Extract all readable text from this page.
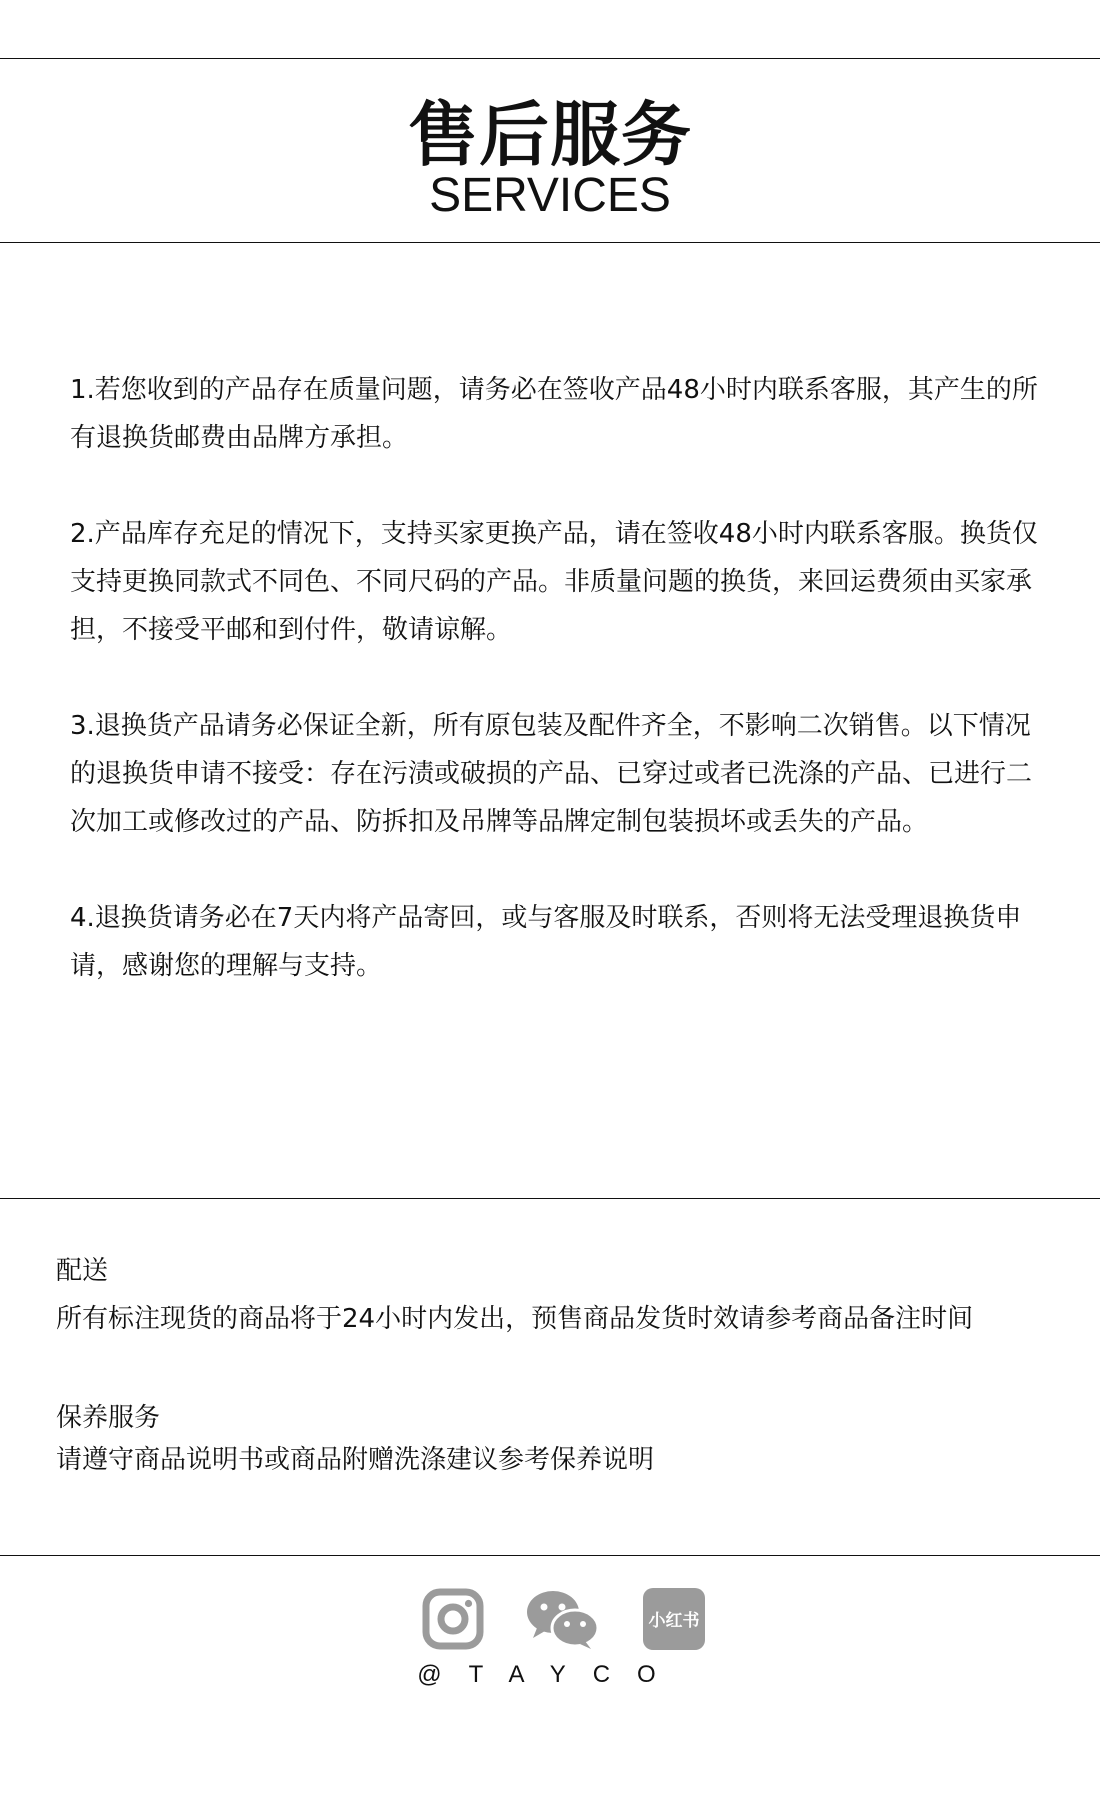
售后服务
SERVICES

1.若您收到的产品存在质量问题，请务必在签收产品48小时内联系客服，其产生的所有退换货邮费由品牌方承担。

2.产品库存充足的情况下，支持买家更换产品，请在签收48小时内联系客服。换货仅支持更换同款式不同色、不同尺码的产品。非质量问题的换货，来回运费须由买家承担，不接受平邮和到付件，敬请谅解。

3.退换货产品请务必保证全新，所有原包装及配件齐全，不影响二次销售。以下情况的退换货申请不接受：存在污渍或破损的产品、已穿过或者已洗涤的产品、已进行二次加工或修改过的产品、防拆扣及吊牌等品牌定制包装损坏或丢失的产品。

4.退换货请务必在7天内将产品寄回，或与客服及时联系，否则将无法受理退换货申请，感谢您的理解与支持。

配送
所有标注现货的商品将于24小时内发出，预售商品发货时效请参考商品备注时间
保养服务
请遵守商品说明书或商品附赠洗涤建议参考保养说明
小红书
@TAYCO
